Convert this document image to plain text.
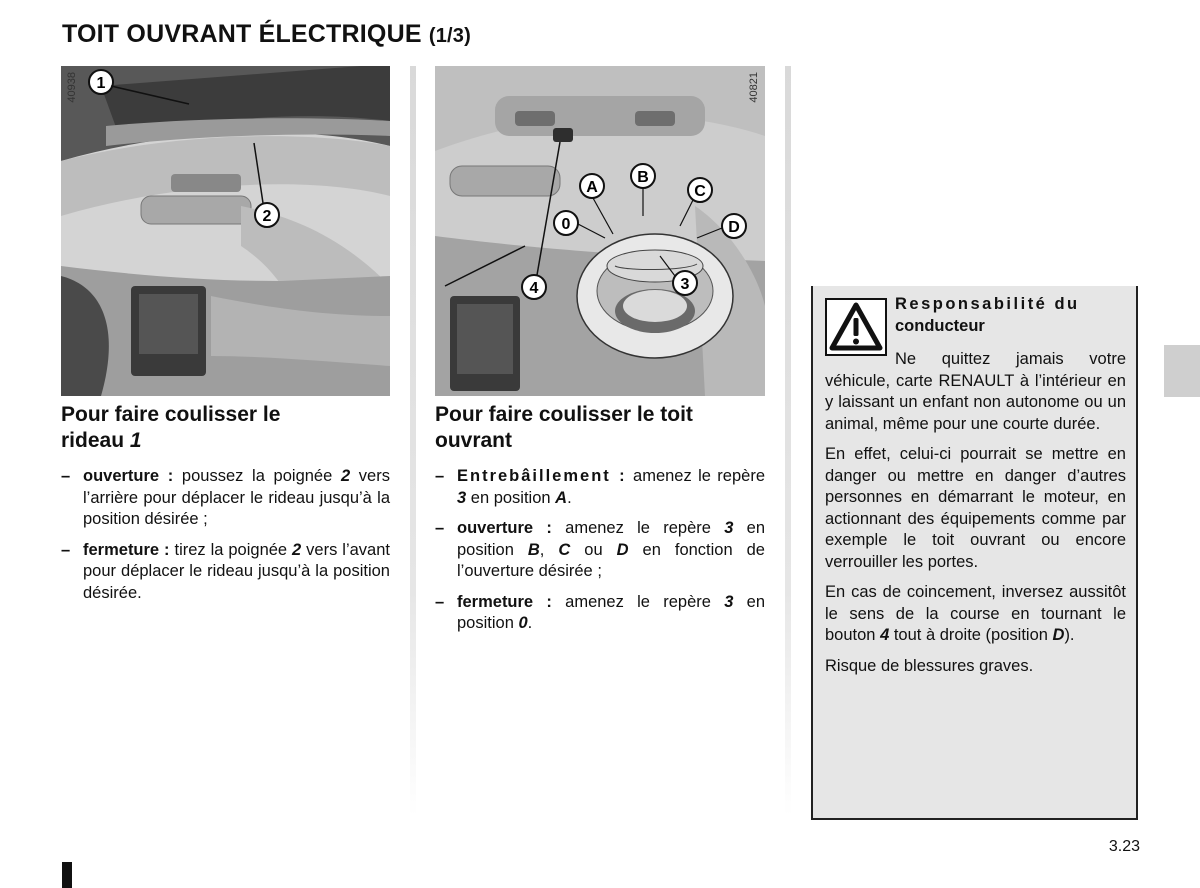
TOIT OUVRANT ÉLECTRIQUE (1/3)
1
2
40938
A
B
C
0	D
3
4
40821
Pour faire coulisser le
rideau 1
– ouverture : poussez la poignée 2 vers l’arrière pour déplacer le rideau jusqu’à la position désirée ;
– fermeture : tirez la poignée 2 vers l’avant pour déplacer le rideau jusqu’à la position désirée.
Pour faire coulisser le toit ouvrant
– Entrebâillement : amenez le repère 3 en position A.
– ouverture : amenez le repère 3 en position B, C ou D en fonction de l’ouverture désirée ;
– fermeture : amenez le repère 3 en position 0.

Responsabilité du
conducteur

Ne quittez jamais votre véhicule, carte RENAULT à l’intérieur en y laissant un enfant non autonome ou un animal, même pour une courte durée.

En effet, celui-ci pourrait se mettre en danger ou mettre en danger d’autres personnes en démarrant le moteur, en actionnant des équipements comme par exemple le toit ouvrant ou encore verrouiller les portes.

En cas de coincement, inversez aussitôt le sens de la course en tournant le bouton 4 tout à droite (position D).

Risque de blessures graves.

3.23
